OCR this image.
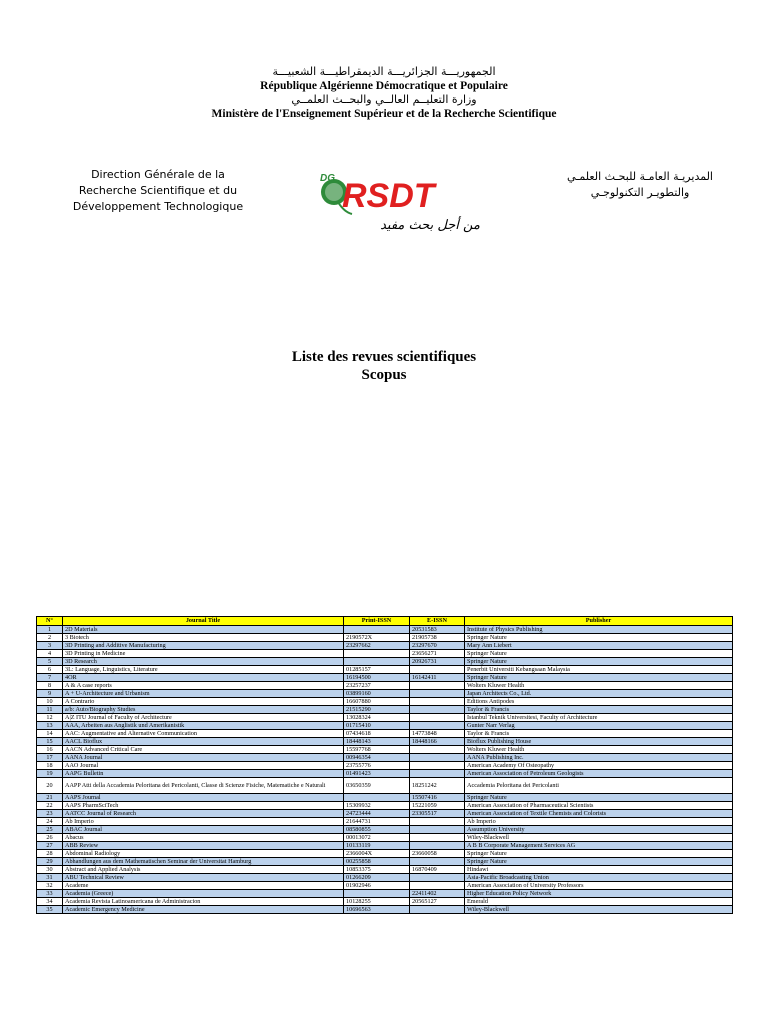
الجمهوريـــة الجزائريـــة الديمقراطيـــة الشعبيـــة
République Algérienne Démocratique et Populaire
وزارة التعليــم العالــي والبحــث العلمــي
Ministère de l'Enseignement Supérieur et de la Recherche Scientifique
Direction Générale de la
Recherche Scientifique et du
Développement Technologique
DG RSDT
من أجل بحث مفيد
المديريـة العامـة للبحـث العلمـي
والتطويـر التكنولوجـي
Liste des revues scientifiques
Scopus
N°	Journal Title	Print-ISSN	E-ISSN	Publisher
1	2D Materials		20531583	Institute of Physics Publishing
2	3 Biotech	2190572X	21905738	Springer Nature
3	3D Printing and Additive Manufacturing	23297662	23297670	Mary Ann Liebert
4	3D Printing in Medicine		23656271	Springer Nature
5	3D Research		20926731	Springer Nature
6	3L: Language, Linguistics, Literature	01285157		Penerbit Universiti Kebangsaan Malaysia
7	4OR	16194500	16142411	Springer Nature
8	A & A case reports	23257237		Wolters Kluwer Health
9	A + U-Architecture and Urbanism	03899160		Japan Architects Co., Ltd.
10	A Contrario	16607880		Editions Antipodes
11	a/b: Auto/Biography Studies	21515290		Taylor & Francis
12	A|Z ITU Journal of Faculty of Architecture	13028324		Istanbul Teknik Universitesi, Faculty of Architecture
13	AAA, Arbeiten aus Anglistik und Amerikanistik	01715410		Gunter Narr Verlag
14	AAC: Augmentative and Alternative Communication	07434618	14773848	Taylor & Francis
15	AACL Bioflux	18448143	18448166	Bioflux Publishing House
16	AACN Advanced Critical Care	15597768		Wolters Kluwer Health
17	AANA Journal	00946354		AANA Publishing Inc.
18	AAO Journal	23755776		American Academy Of Osteopathy
19	AAPG Bulletin	01491423		American Association of Petroleum Geologists
20	AAPP Atti della Accademia Peloritana dei Pericolanti, Classe di Scienze Fisiche, Matematiche e Naturali	03650359	18251242	Accademia Peloritana dei Pericolanti
21	AAPS Journal		15507416	Springer Nature
22	AAPS PharmSciTech	15309932	15221059	American Association of Pharmaceutical Scientists
23	AATCC Journal of Research	24723444	23305517	American Association of Textile Chemists and Colorists
24	Ab Imperio	21644731		Ab Imperio
25	ABAC Journal	08580855		Assumption University
26	Abacus	00013072		Wiley-Blackwell
27	ABB Review	10133119		A B B Corporate Management Services AG
28	Abdominal Radiology	2366004X	23660058	Springer Nature
29	Abhandlungen aus dem Mathematischen Seminar der Universitat Hamburg	00255858		Springer Nature
30	Abstract and Applied Analysis	10853375	16870409	Hindawi
31	ABU Technical Review	01266209		Asia-Pacific Broadcasting Union
32	Academe	01902946		American Association of University Professors
33	Academia (Greece)		22411402	Higher Education Policy Network
34	Academia Revista Latinoamericana de Administracion	10128255	20565127	Emerald
35	Academic Emergency Medicine	10696563		Wiley-Blackwell
